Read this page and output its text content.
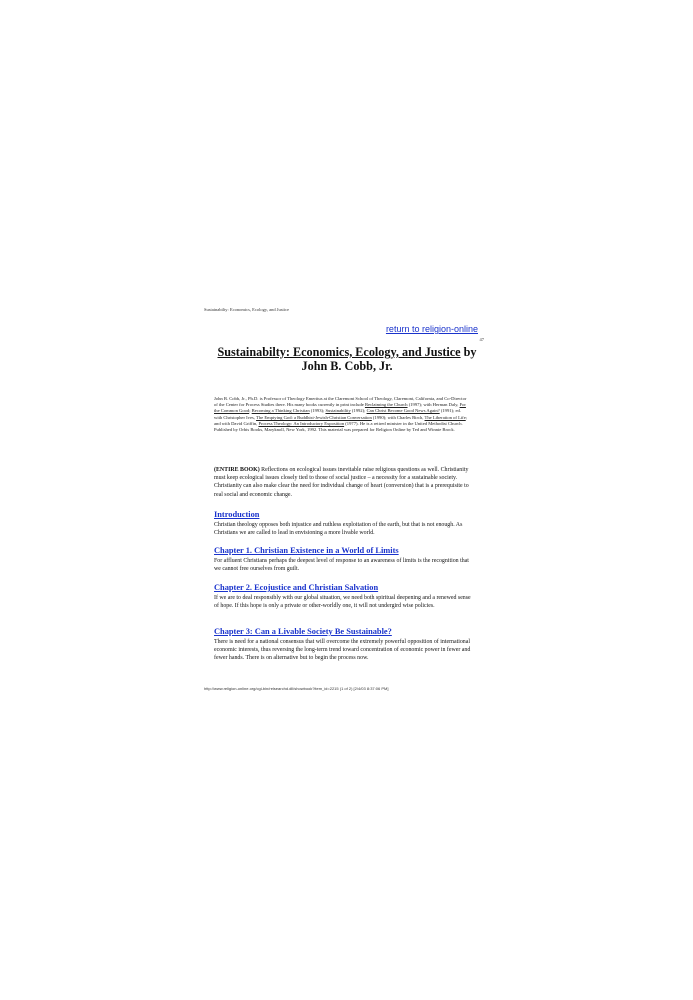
Sustainabilty: Economics, Ecology, and Justice
return to religion-online
47
Sustainabilty: Economics, Ecology, and Justice by
John B. Cobb, Jr.
John B. Cobb, Jr., Ph.D. is Professor of Theology Emeritus at the Claremont School of Theology, Claremont, California, and Co-Director of the Center for Process Studies there. His many books currently in print include Reclaiming the Church (1997); with Herman Daly, For the Common Good; Becoming a Thinking Christian (1993); Sustainability (1992); Can Christ Become Good News Again? (1991); ed. with Christopher Ives, The Emptying God: a Buddhist-Jewish-Christian Conversation (1990); with Charles Birch, The Liberation of Life; and with David Griffin, Process Theology: An Introductory Exposition (1977). He is a retired minister in the United Methodist Church. Published by Orbis Books, Maryknoll, New York, 1992. This material was prepared for Religion Online by Ted and Winnie Brock.
(ENTIRE BOOK) Reflections on ecological issues inevitable raise religious questions as well. Christianity must keep ecological issues closely tied to those of social justice – a necessity for a sustainable society. Christianity can also make clear the need for individual change of heart (conversion) that is a prerequisite to real social and economic change.
Introduction
Christian theology opposes both injustice and ruthless exploitation of the earth, but that is not enough. As Christians we are called to lead in envisioning a more livable world.
Chapter 1. Christian Existence in a World of Limits
For affluent Christians perhaps the deepest level of response to an awareness of limits is the recognition that we cannot free ourselves from guilt.
Chapter 2. Ecojustice and Christian Salvation
If we are to deal responsibly with our global situation, we need both spiritual deepening and a renewed sense of hope. If this hope is only a private or other-worldly one, it will not undergird wise policies.
Chapter 3: Can a Livable Society Be Sustainable?
There is need for a national consensus that will overcome the extremely powerful opposition of international economic interests, thus reversing the long-term trend toward concentration of economic power in fewer and fewer hands. There is on alternative but to begin the process now.
http://www.religion-online.org/cgi-bin/relsearchd.dll/showbook?item_id=2215 (1 of 2) [2/4/03 8:37:06 PM]
